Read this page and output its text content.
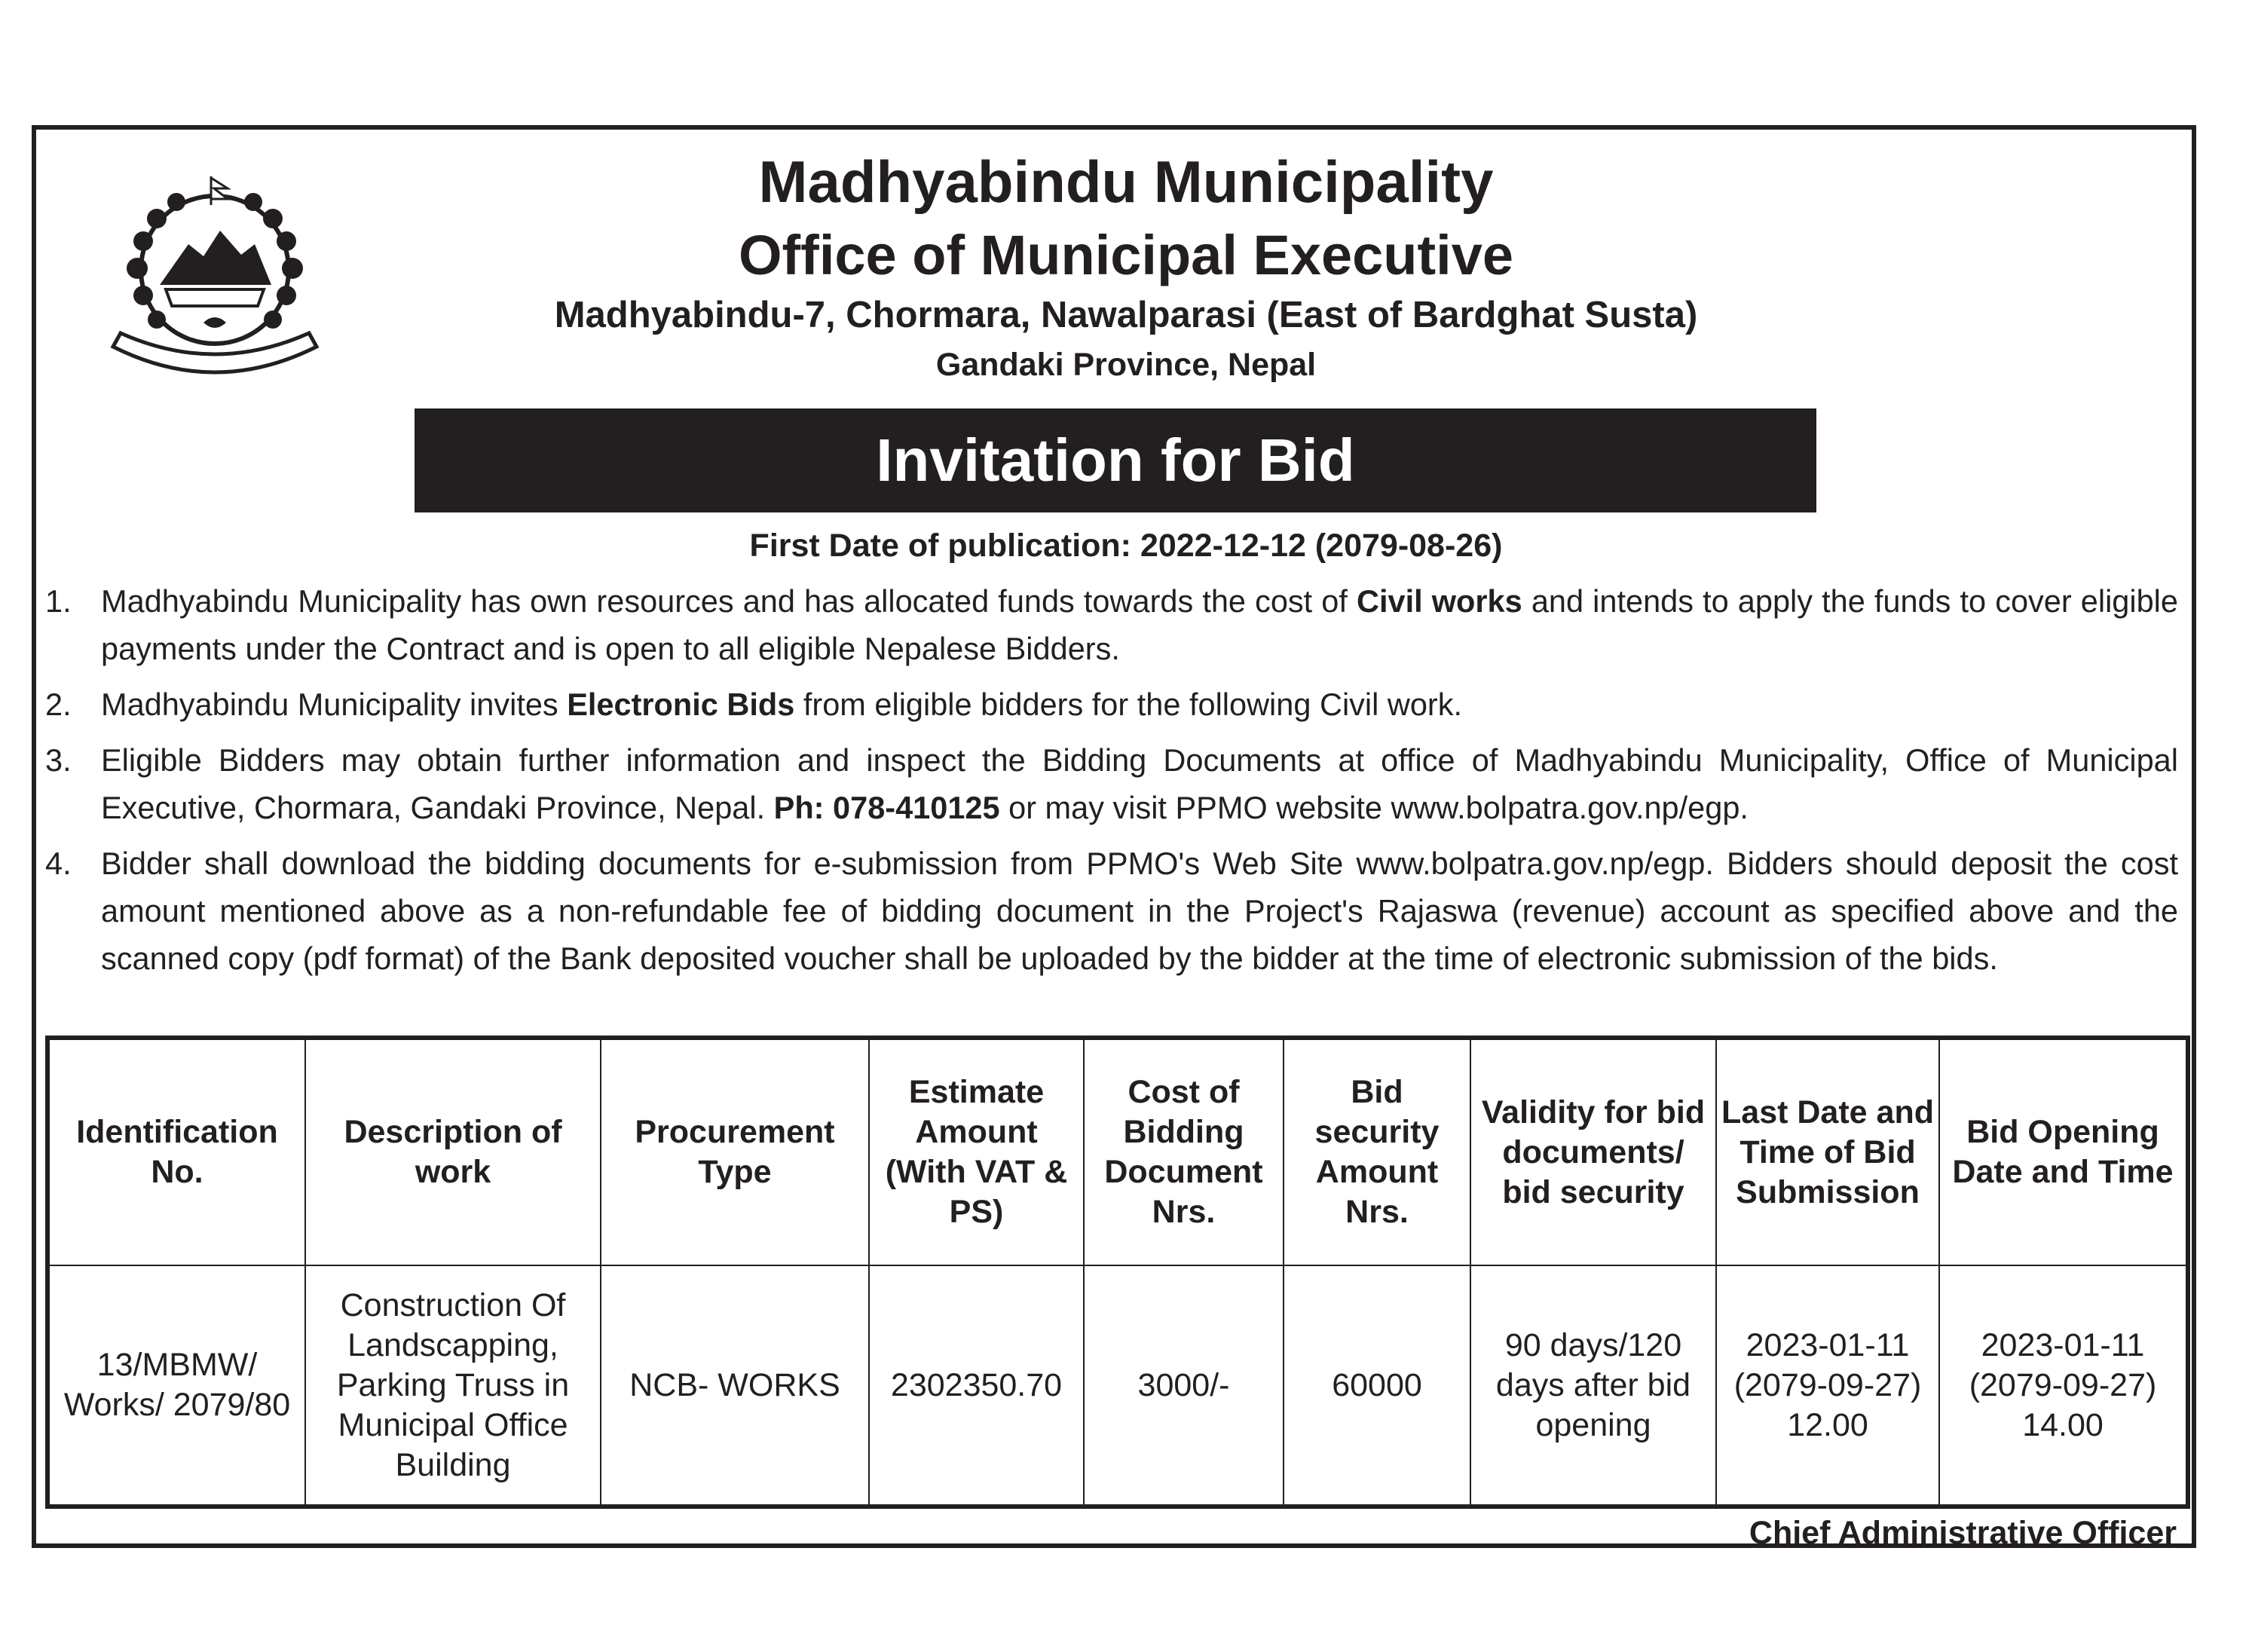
Madhyabindu Municipality
Office of Municipal Executive
Madhyabindu-7, Chormara, Nawalparasi (East of Bardghat Susta)
Gandaki Province, Nepal
Invitation for Bid
First Date of publication: 2022-12-12 (2079-08-26)
1. Madhyabindu Municipality has own resources and has allocated funds towards the cost of Civil works and intends to apply the funds to cover eligible payments under the Contract and is open to all eligible Nepalese Bidders.
2. Madhyabindu Municipality invites Electronic Bids from eligible bidders for the following Civil work.
3. Eligible Bidders may obtain further information and inspect the Bidding Documents at office of Madhyabindu Municipality, Office of Municipal Executive, Chormara, Gandaki Province, Nepal. Ph: 078-410125 or may visit PPMO website www.bolpatra.gov.np/egp.
4. Bidder shall download the bidding documents for e-submission from PPMO's Web Site www.bolpatra.gov.np/egp. Bidders should deposit the cost amount mentioned above as a non-refundable fee of bidding document in the Project's Rajaswa (revenue) account as specified above and the scanned copy (pdf format) of the Bank deposited voucher shall be uploaded by the bidder at the time of electronic submission of the bids.
Identification No.	Description of work	Procurement Type	Estimate Amount (With VAT & PS)	Cost of Bidding Document Nrs.	Bid security Amount Nrs.	Validity for bid documents/ bid security	Last Date and Time of Bid Submission	Bid Opening Date and Time
13/MBMW/ Works/ 2079/80	Construction Of Landscapping, Parking Truss in Municipal Office Building	NCB- WORKS	2302350.70	3000/-	60000	90 days/120 days after bid opening	2023-01-11 (2079-09-27) 12.00	2023-01-11 (2079-09-27) 14.00
Chief Administrative Officer
